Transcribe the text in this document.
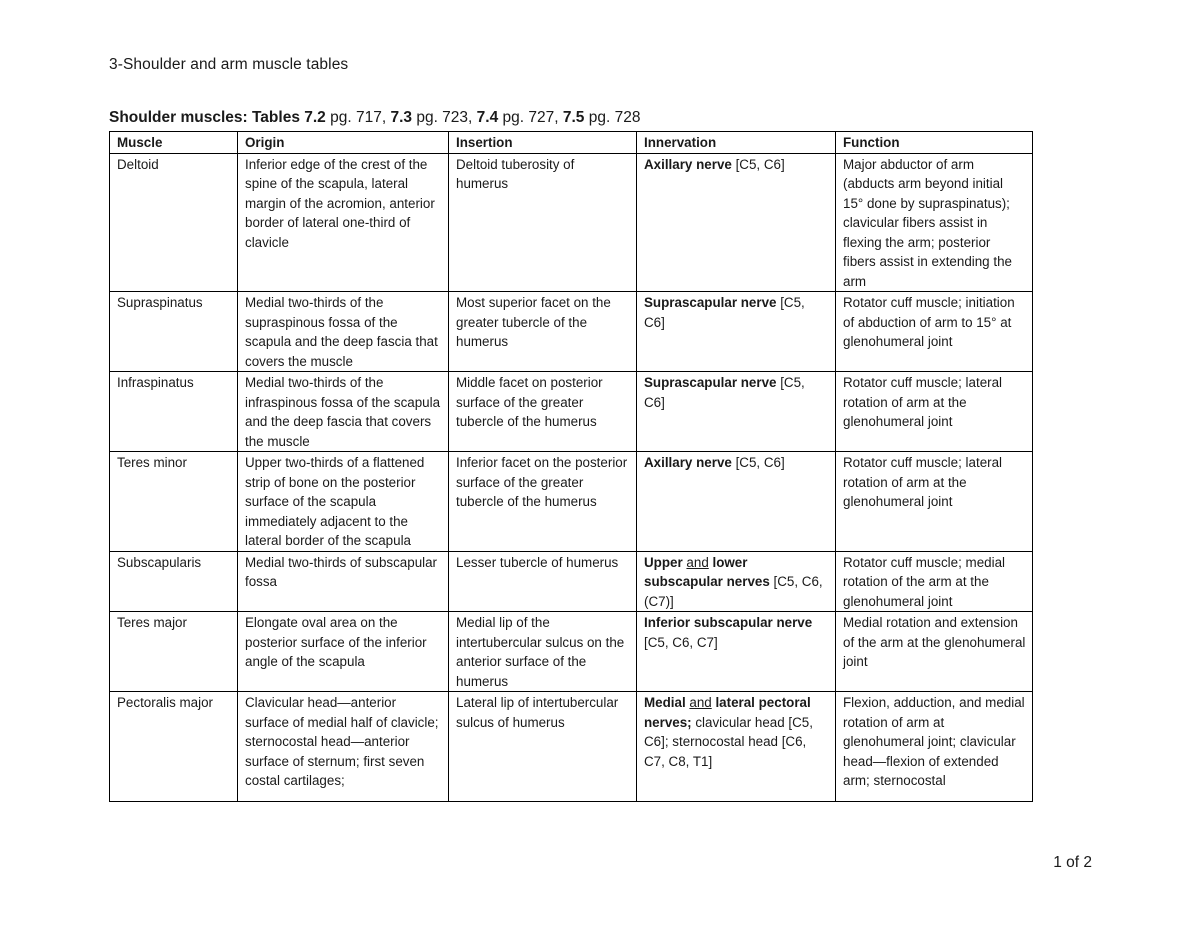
3-Shoulder and arm muscle tables
Shoulder muscles: Tables 7.2 pg. 717, 7.3 pg. 723, 7.4 pg. 727, 7.5 pg. 728
Muscle	Origin	Insertion	Innervation	Function
Deltoid	Inferior edge of the crest of the spine of the scapula, lateral margin of the acromion, anterior border of lateral one-third of clavicle	Deltoid tuberosity of humerus	Axillary nerve [C5, C6]	Major abductor of arm (abducts arm beyond initial 15° done by supraspinatus); clavicular fibers assist in flexing the arm; posterior fibers assist in extending the arm
Supraspinatus	Medial two-thirds of the supraspinous fossa of the scapula and the deep fascia that covers the muscle	Most superior facet on the greater tubercle of the humerus	Suprascapular nerve [C5, C6]	Rotator cuff muscle; initiation of abduction of arm to 15° at glenohumeral joint
Infraspinatus	Medial two-thirds of the infraspinous fossa of the scapula and the deep fascia that covers the muscle	Middle facet on posterior surface of the greater tubercle of the humerus	Suprascapular nerve [C5, C6]	Rotator cuff muscle; lateral rotation of arm at the glenohumeral joint
Teres minor	Upper two-thirds of a flattened strip of bone on the posterior surface of the scapula immediately adjacent to the lateral border of the scapula	Inferior facet on the posterior surface of the greater tubercle of the humerus	Axillary nerve [C5, C6]	Rotator cuff muscle; lateral rotation of arm at the glenohumeral joint
Subscapularis	Medial two-thirds of subscapular fossa	Lesser tubercle of humerus	Upper and lower subscapular nerves [C5, C6, (C7)]	Rotator cuff muscle; medial rotation of the arm at the glenohumeral joint
Teres major	Elongate oval area on the posterior surface of the inferior angle of the scapula	Medial lip of the intertubercular sulcus on the anterior surface of the humerus	Inferior subscapular nerve [C5, C6, C7]	Medial rotation and extension of the arm at the glenohumeral joint
Pectoralis major	Clavicular head—anterior surface of medial half of clavicle; sternocostal head—anterior surface of sternum; first seven costal cartilages;	Lateral lip of intertubercular sulcus of humerus	Medial and lateral pectoral nerves; clavicular head [C5, C6]; sternocostal head [C6, C7, C8, T1]	Flexion, adduction, and medial rotation of arm at glenohumeral joint; clavicular head—flexion of extended arm; sternocostal
1 of 2
